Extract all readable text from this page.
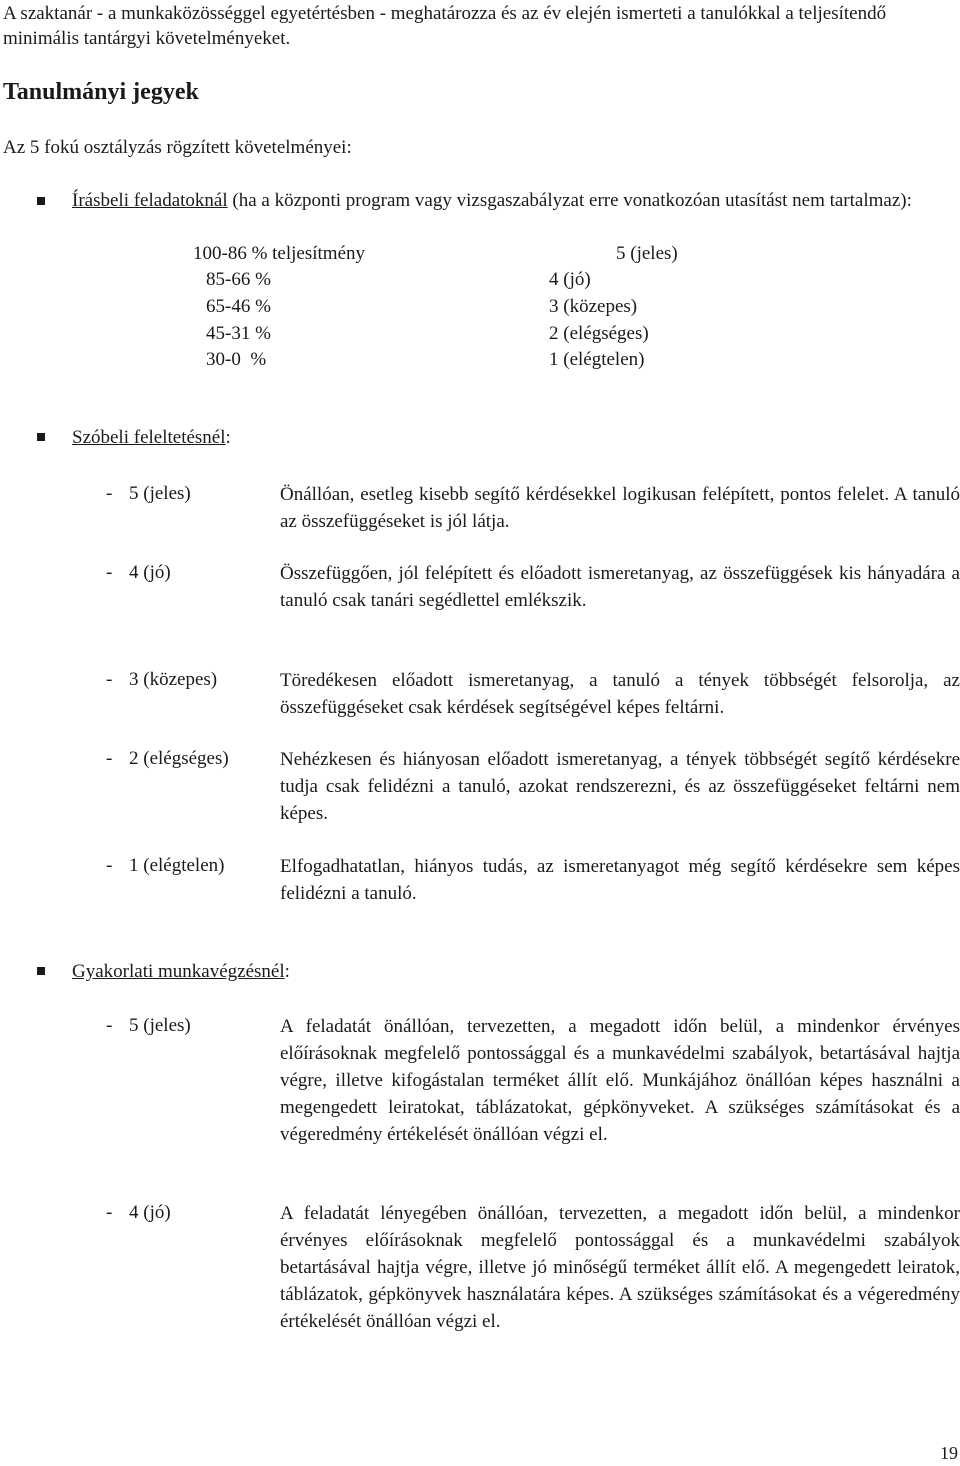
A szaktanár - a munkaközösséggel egyetértésben - meghatározza és az év elején ismerteti a tanulókkal a teljesítendő minimális tantárgyi követelményeket.
Tanulmányi jegyek
Az 5 fokú osztályzás rögzített követelményei:
Írásbeli feladatoknál (ha a központi program vagy vizsgaszabályzat erre vonatkozóan utasítást nem tartalmaz):
100-86 % teljesítmény	5 (jeles)
85-66 %	4 (jó)
65-46 %	3 (közepes)
45-31 %	2 (elégséges)
30-0  %	1 (elégtelen)
Szóbeli feleltetésnél:
- 5 (jeles)	Önállóan, esetleg kisebb segítő kérdésekkel logikusan felépített, pontos felelet. A tanuló az összefüggéseket is jól látja.
- 4 (jó)	Összefüggően, jól felépített és előadott ismeretanyag, az összefüggések kis hányadára a tanuló csak tanári segédlettel emlékszik.
- 3 (közepes)	Töredékesen előadott ismeretanyag, a tanuló a tények többségét felsorolja, az összefüggéseket csak kérdések segítségével képes feltárni.
- 2 (elégséges)	Nehézkesen és hiányosan előadott ismeretanyag, a tények többségét segítő kérdésekre tudja csak felidézni a tanuló, azokat rendszerezni, és az összefüggéseket feltárni nem képes.
- 1 (elégtelen)	Elfogadhatatlan, hiányos tudás, az ismeretanyagot még segítő kérdésekre sem képes felidézni a tanuló.
Gyakorlati munkavégzésnél:
- 5 (jeles)	A feladatát önállóan, tervezetten, a megadott időn belül, a mindenkor érvényes előírásoknak megfelelő pontossággal és a munkavédelmi szabályok, betartásával hajtja végre, illetve kifogástalan terméket állít elő. Munkájához önállóan képes használni a megengedett leiratokat, táblázatokat, gépkönyveket. A szükséges számításokat és a végeredmény értékelését önállóan végzi el.
- 4 (jó)	A feladatát lényegében önállóan, tervezetten, a megadott időn belül, a mindenkor érvényes előírásoknak megfelelő pontossággal és a munkavédelmi szabályok betartásával hajtja végre, illetve jó minőségű terméket állít elő. A megengedett leiratok, táblázatok, gépkönyvek használatára képes. A szükséges számításokat és a végeredmény értékelését önállóan végzi el.
19
